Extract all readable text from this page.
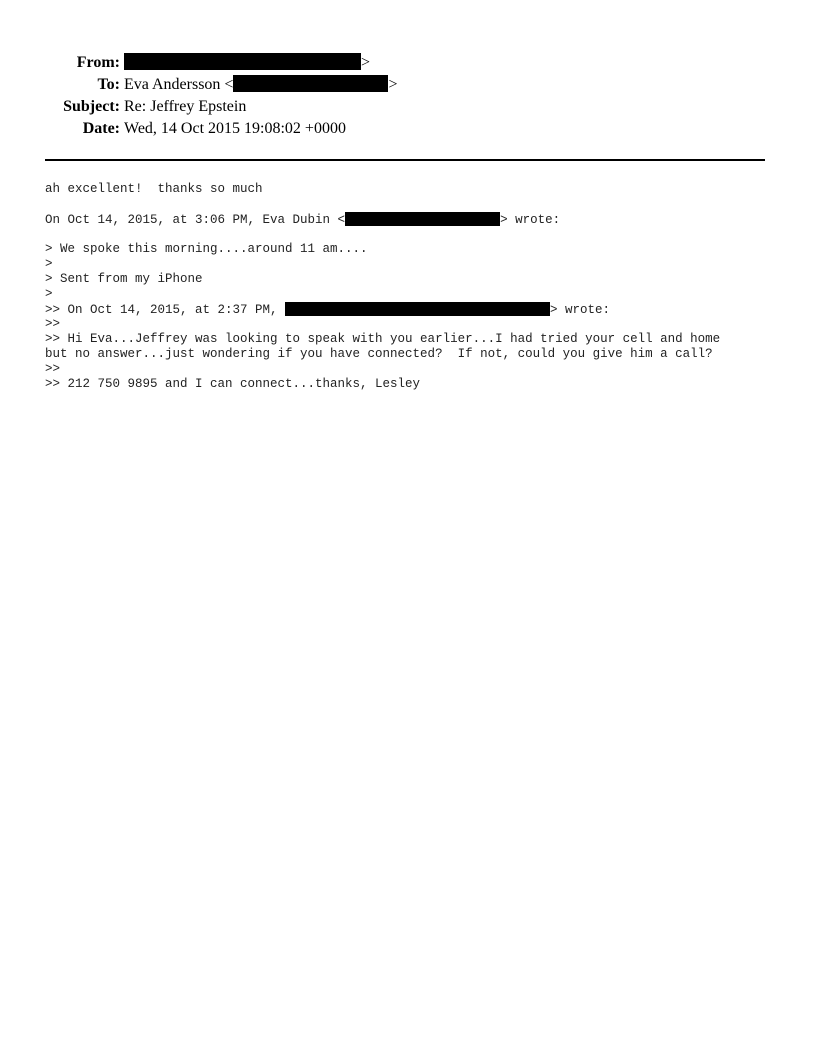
From:	>
To: Eva Andersson <	>
Subject: Re: Jeffrey Epstein
Date: Wed, 14 Oct 2015 19:08:02 +0000
ah excellent!  thanks so much
On Oct 14, 2015, at 3:06 PM, Eva Dubin <	> wrote:
> We spoke this morning....around 11 am....
>
> Sent from my iPhone
>
>> On Oct 14, 2015, at 2:37 PM,	> wrote:
>>
>> Hi Eva...Jeffrey was looking to speak with you earlier...I had tried your cell and home
but no answer...just wondering if you have connected?  If not, could you give him a call?
>>
>> 212 750 9895 and I can connect...thanks, Lesley
